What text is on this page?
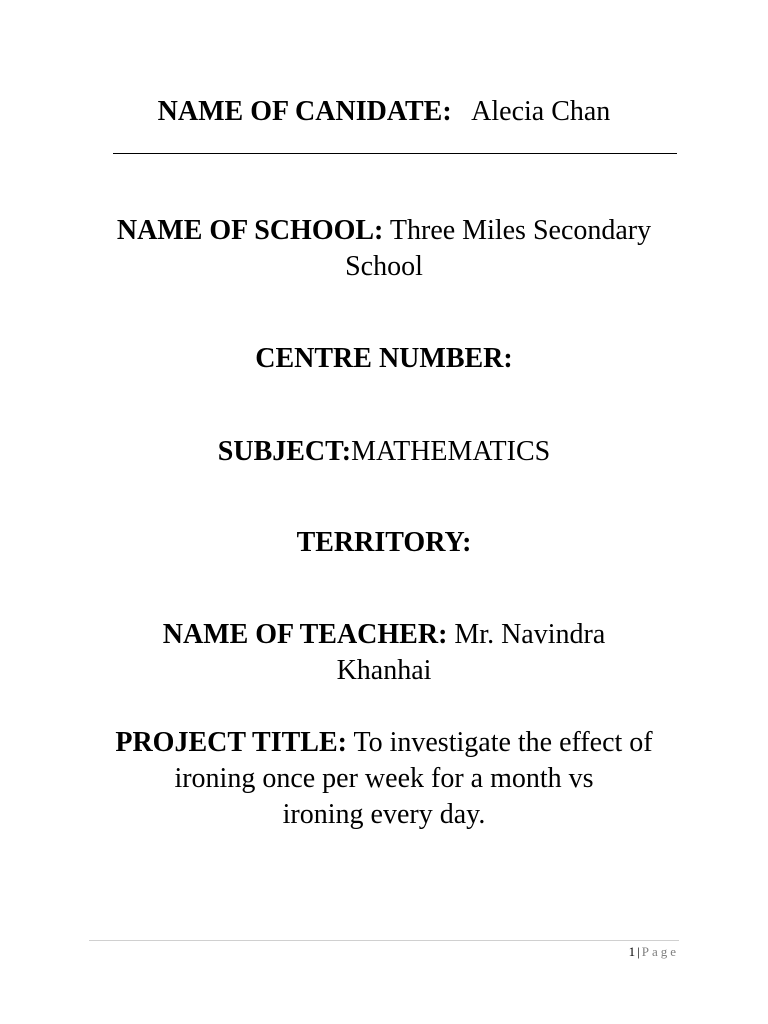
NAME OF CANIDATE: Alecia Chan
NAME OF SCHOOL: Three Miles Secondary
School
CENTRE NUMBER:
SUBJECT:MATHEMATICS
TERRITORY:
NAME OF TEACHER: Mr. Navindra
Khanhai
PROJECT TITLE: To investigate the effect of
ironing once per week for a month vs
ironing every day.
1 | Page
